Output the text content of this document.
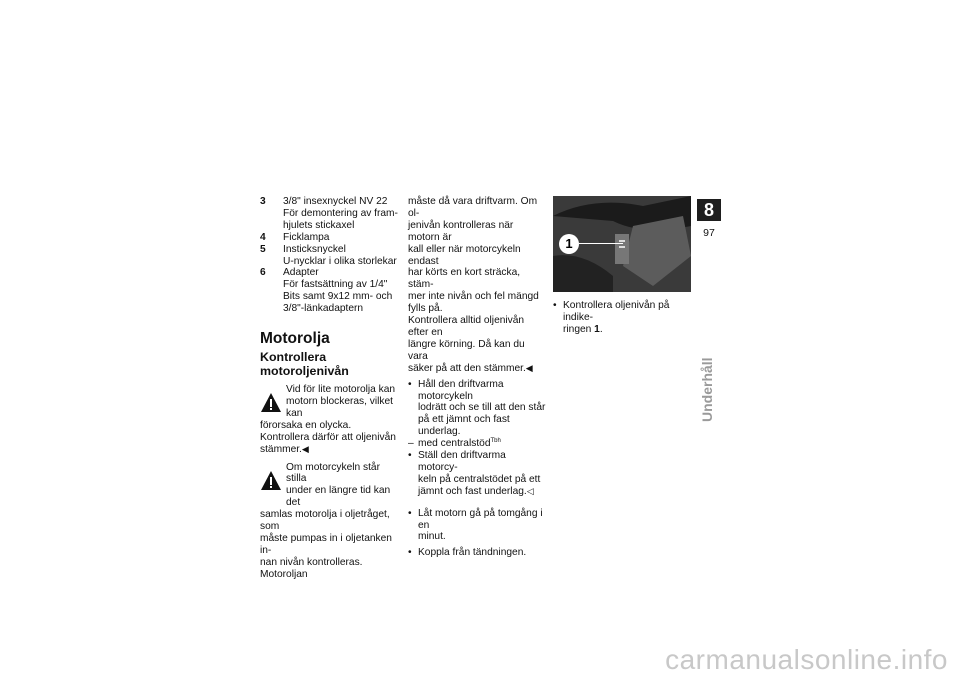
3	3/8" insexnyckel NV 22
För demontering av fram-
hjulets stickaxel
4	Ficklampa
5	Insticksnyckel
U-nycklar i olika storlekar
6	Adapter
För fastsättning av 1/4"
Bits samt 9x12 mm- och
3/8"-länkadaptern
Motorolja
Kontrollera
motoroljenivån
Vid för lite motorolja kan
motorn blockeras, vilket kan
förorsaka en olycka.
Kontrollera därför att oljenivån
stämmer.◀
Om motorcykeln står stilla
under en längre tid kan det
samlas motorolja i oljetråget, som
måste pumpas in i oljetanken in-
nan nivån kontrolleras. Motoroljan
måste då vara driftvarm. Om ol-
jenivån kontrolleras när motorn är
kall eller när motorcykeln endast
har körts en kort sträcka, stäm-
mer inte nivån och fel mängd
fylls på.
Kontrollera alltid oljenivån efter en
längre körning. Då kan du vara
säker på att den stämmer.◀
• Håll den driftvarma motorcykeln
lodrätt och se till att den står
på ett jämnt och fast underlag.
– med centralstöd$^{Tbh}$
• Ställ den driftvarma motorcy-
keln på centralstödet på ett
jämnt och fast underlag.◁
• Låt motorn gå på tomgång i en
minut.
• Koppla från tändningen.
1
• Kontrollera oljenivån på indike-
ringen 1.
8
97
Underhåll
carmanualsonline.info
